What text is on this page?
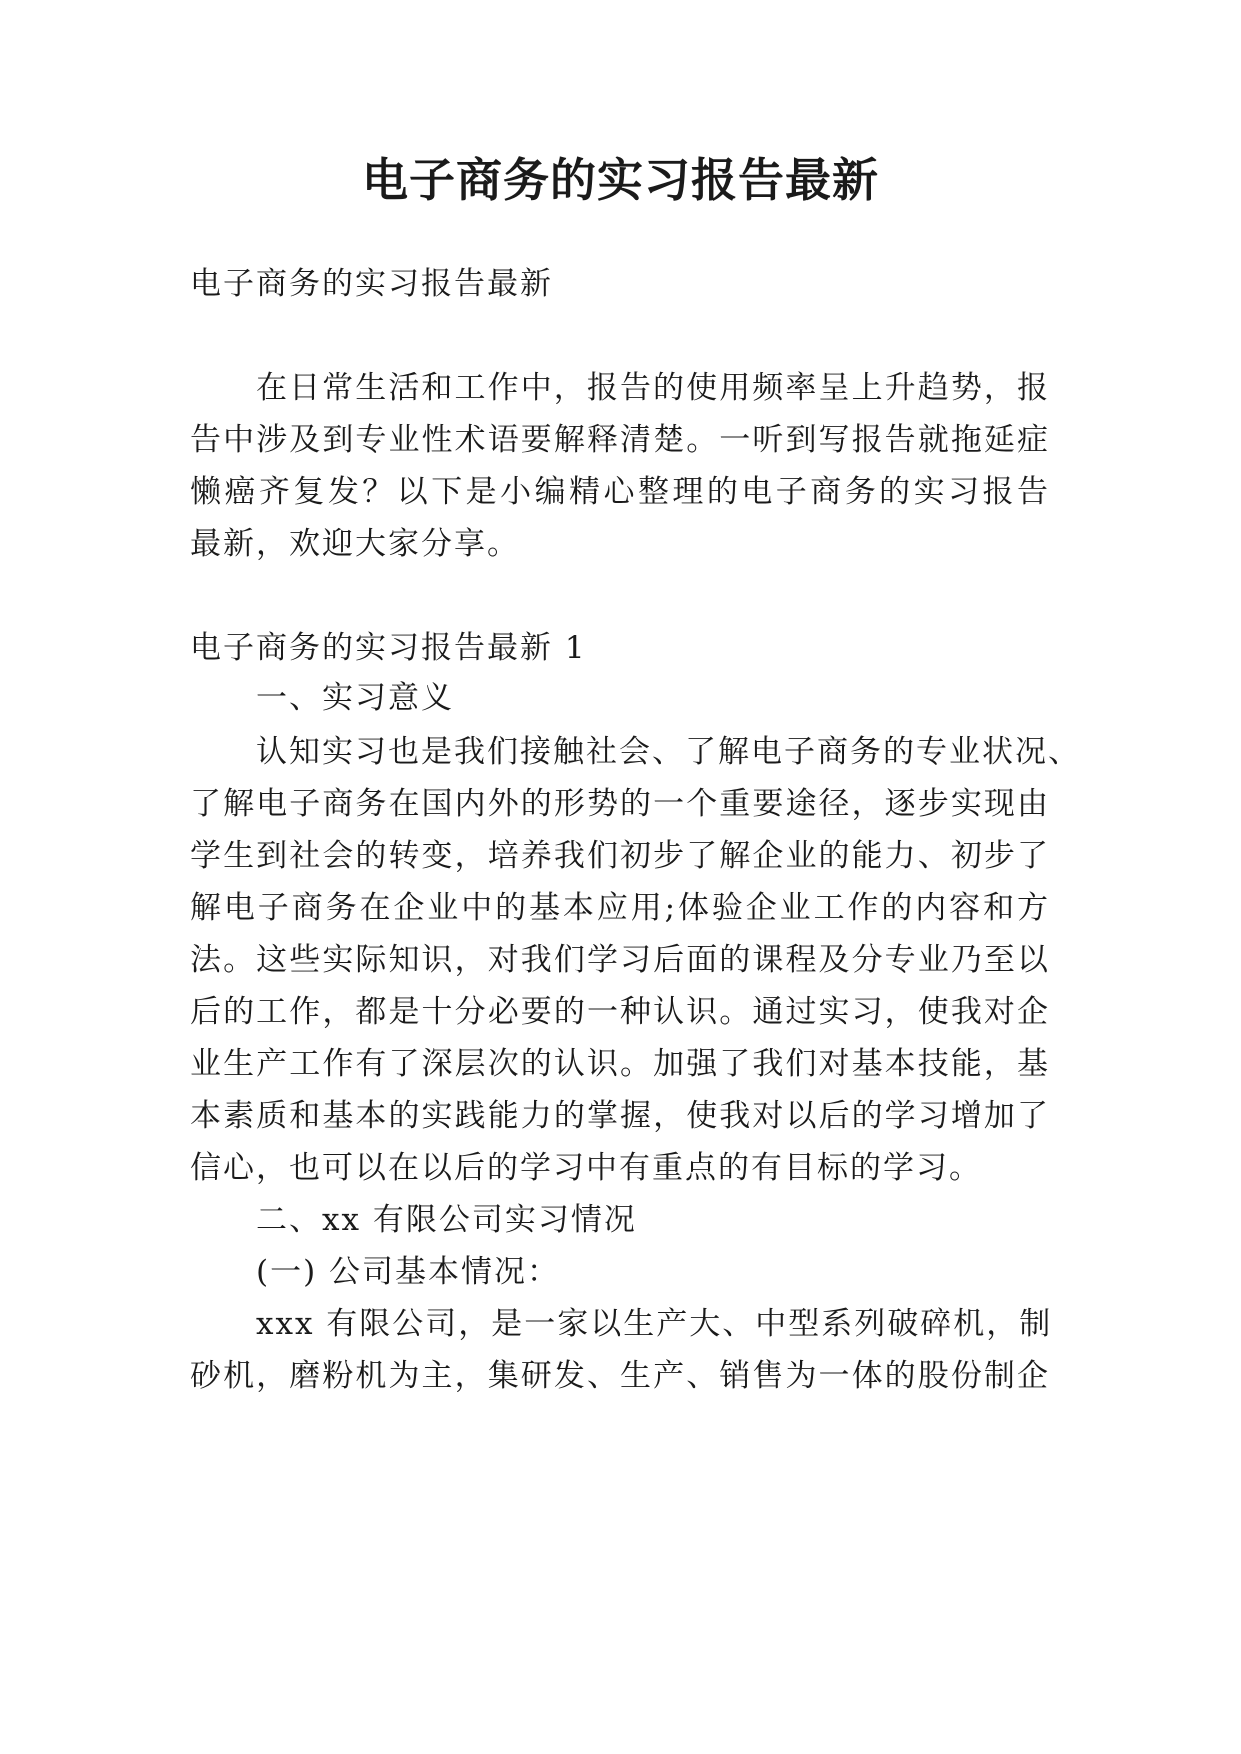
电子商务的实习报告最新
电子商务的实习报告最新
在日常生活和工作中，报告的使用频率呈上升趋势，报
告中涉及到专业性术语要解释清楚。一听到写报告就拖延症
懒癌齐复发？以下是小编精心整理的电子商务的实习报告
最新，欢迎大家分享。
电子商务的实习报告最新 1
一、实习意义
认知实习也是我们接触社会、了解电子商务的专业状况、
了解电子商务在国内外的形势的一个重要途径，逐步实现由
学生到社会的转变，培养我们初步了解企业的能力、初步了
解电子商务在企业中的基本应用;体验企业工作的内容和方
法。这些实际知识，对我们学习后面的课程及分专业乃至以
后的工作，都是十分必要的一种认识。通过实习，使我对企
业生产工作有了深层次的认识。加强了我们对基本技能，基
本素质和基本的实践能力的掌握，使我对以后的学习增加了
信心，也可以在以后的学习中有重点的有目标的学习。
二、xx 有限公司实习情况
(一) 公司基本情况：
xxx 有限公司，是一家以生产大、中型系列破碎机，制
砂机，磨粉机为主，集研发、生产、销售为一体的股份制企
